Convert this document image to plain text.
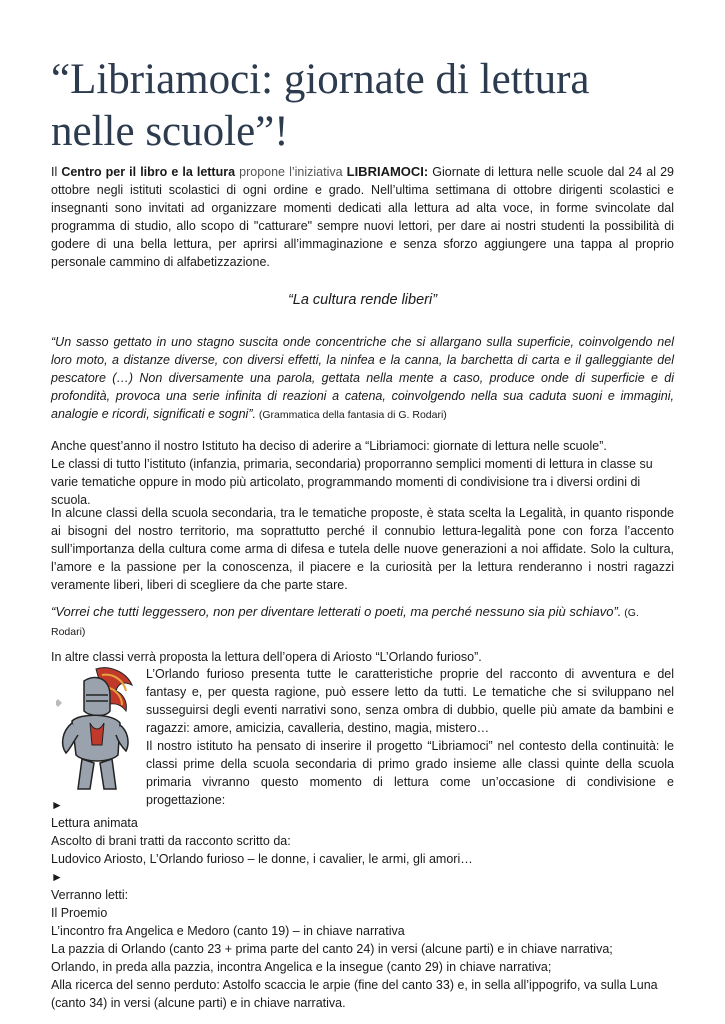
“Libriamoci: giornate di lettura
nelle scuole”!

Il Centro per il libro e la lettura propone l’iniziativa LIBRIAMOCI: Giornate di lettura nelle scuole dal 24 al 29 ottobre negli istituti scolastici di ogni ordine e grado. Nell’ultima settimana di ottobre dirigenti scolastici e insegnanti sono invitati ad organizzare momenti dedicati alla lettura ad alta voce, in forme svincolate dal programma di studio, allo scopo di "catturare" sempre nuovi lettori, per dare ai nostri studenti la possibilità di godere di una bella lettura, per aprirsi all’immaginazione e senza sforzo aggiungere una tappa al proprio personale cammino di alfabetizzazione.

“La cultura rende liberi”

“Un sasso gettato in uno stagno suscita onde concentriche che si allargano sulla superficie, coinvolgendo nel loro moto, a distanze diverse, con diversi effetti, la ninfea e la canna, la barchetta di carta e il galleggiante del pescatore (…) Non diversamente una parola, gettata nella mente a caso, produce onde di superficie e di profondità, provoca una serie infinita di reazioni a catena, coinvolgendo nella sua caduta suoni e immagini, analogie e ricordi, significati e sogni”. (Grammatica della fantasia di G. Rodari)

Anche quest’anno il nostro Istituto ha deciso di aderire a “Libriamoci: giornate di lettura nelle scuole”.
Le classi di tutto l’istituto (infanzia, primaria, secondaria) proporranno semplici momenti di lettura in classe su varie tematiche oppure in modo più articolato, programmando momenti di condivisione tra i diversi ordini di scuola.

In alcune classi della scuola secondaria, tra le tematiche proposte, è stata scelta la Legalità, in quanto risponde ai bisogni del nostro territorio, ma soprattutto perché il connubio lettura-legalità pone con forza l’accento sull’importanza della cultura come arma di difesa e tutela delle nuove generazioni a noi affidate. Solo la cultura, l’amore e la passione per la conoscenza, il piacere e la curiosità per la lettura renderanno i nostri ragazzi veramente liberi, liberi di scegliere da che parte stare.

“Vorrei che tutti leggessero, non per diventare letterati o poeti, ma perché nessuno sia più schiavo”. (G. Rodari)

In altre classi verrà proposta la lettura dell’opera di Ariosto “L’Orlando furioso”.

L’Orlando furioso presenta tutte le caratteristiche proprie del racconto di avventura e del fantasy e, per questa ragione, può essere letto da tutti. Le tematiche che si sviluppano nel susseguirsi degli eventi narrativi sono, senza ombra di dubbio, quelle più amate da bambini e ragazzi: amore, amicizia, cavalleria, destino, magia, mistero…
Il nostro istituto ha pensato di inserire il progetto “Libriamoci” nel contesto della continuità: le classi prime della scuola secondaria di primo grado insieme alle classi quinte della scuola primaria vivranno questo momento di lettura come un’occasione di condivisione e progettazione:

►
Lettura animata
Ascolto di brani tratti da racconto scritto da:
Ludovico Ariosto, L’Orlando furioso – le donne, i cavalier, le armi, gli amori…
►
Verranno letti:
Il Proemio
L’incontro fra Angelica e Medoro (canto 19) – in chiave narrativa
La pazzia di Orlando (canto 23 + prima parte del canto 24) in versi (alcune parti) e in chiave narrativa;
Orlando, in preda alla pazzia, incontra Angelica e la insegue (canto 29) in chiave narrativa;
Alla ricerca del senno perduto: Astolfo scaccia le arpie (fine del canto 33) e, in sella all’ippogrifo, va sulla Luna
(canto 34) in versi (alcune parti) e in chiave narrativa.
